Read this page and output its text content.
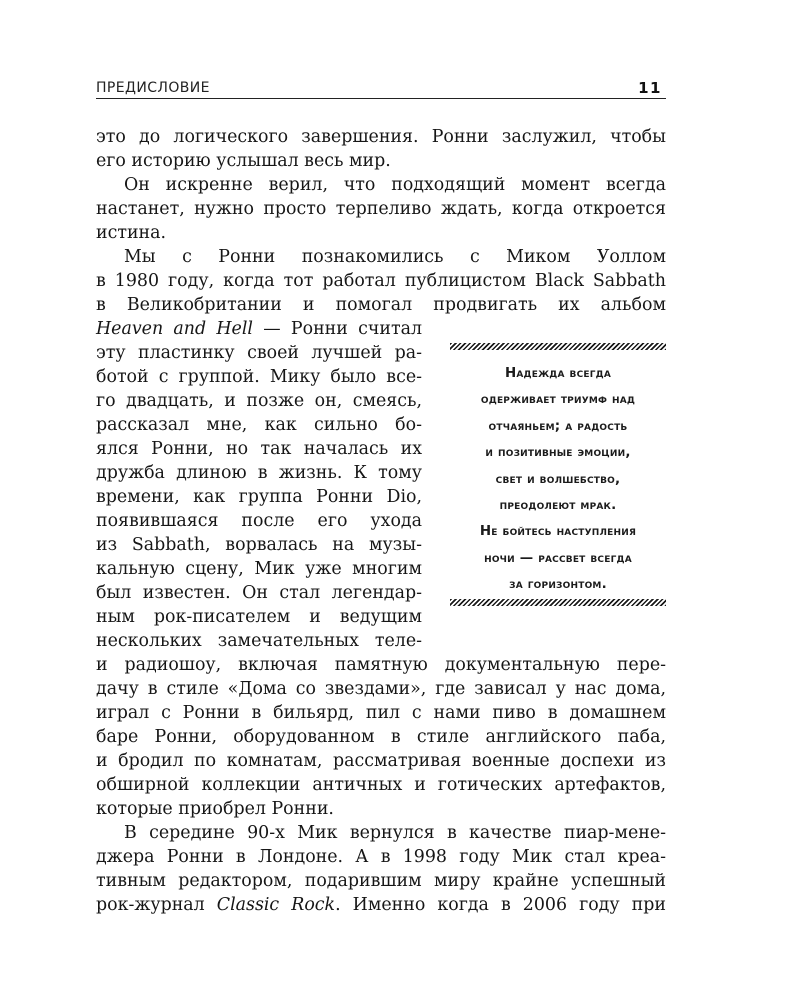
ПРЕДИСЛОВИЕ	11
это до логического завершения. Ронни заслужил, чтобы
его историю услышал весь мир.
Он искренне верил, что подходящий момент всегда
настанет, нужно просто терпеливо ждать, когда откроется
истина.
Мы с Ронни познакомились с Миком Уоллом
в 1980 году, когда тот работал публицистом Black Sabbath
в Великобритании и помогал продвигать их альбом
Heaven and Hell — Ронни считал
эту пластинку своей лучшей ра-
ботой с группой. Мику было все-
го двадцать, и позже он, смеясь,
рассказал мне, как сильно бо-
ялся Ронни, но так началась их
дружба длиною в жизнь. К тому
времени, как группа Ронни Dio,
появившаяся после его ухода
из Sabbath, ворвалась на музы-
кальную сцену, Мик уже многим
был известен. Он стал легендар-
ным рок-писателем и ведущим
нескольких замечательных теле-
и радиошоу, включая памятную документальную пере-
дачу в стиле «Дома со звездами», где зависал у нас дома,
играл с Ронни в бильярд, пил с нами пиво в домашнем
баре Ронни, оборудованном в стиле английского паба,
и бродил по комнатам, рассматривая военные доспехи из
обширной коллекции античных и готических артефактов,
которые приобрел Ронни.
В середине 90-х Мик вернулся в качестве пиар-мене-
джера Ронни в Лондоне. А в 1998 году Мик стал креа-
тивным редактором, подарившим миру крайне успешный
рок-журнал Classic Rock. Именно когда в 2006 году при
Надежда всегда
одерживает триумф над
отчаяньем; а радость
и позитивные эмоции,
свет и волшебство,
преодолеют мрак.
Не бойтесь наступления
ночи — рассвет всегда
за горизонтом.
